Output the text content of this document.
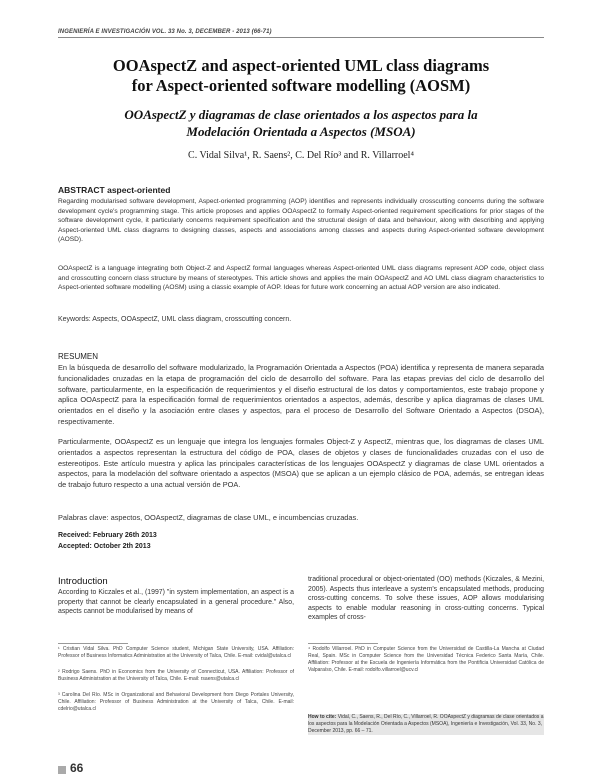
INGENIERÍA E INVESTIGACIÓN VOL. 33 No. 3, DECEMBER - 2013 (66-71)
OOAspectZ and aspect-oriented UML class diagrams
for Aspect-oriented software modelling (AOSM)
OOAspectZ y diagramas de clase orientados a los aspectos para la
Modelación Orientada a Aspectos (MSOA)
C. Vidal Silva¹, R. Saens², C. Del Río³ and R. Villarroel⁴
ABSTRACT aspect-oriented
Regarding modularised software development, Aspect-oriented programming (AOP) identifies and represents individually crosscutting concerns during the software development cycle's programming stage. This article proposes and applies OOAspectZ to formally Aspect-oriented requirement specifications for prior stages of the software development cycle, it particularly concerns requirement specification and the structural design of data and behaviour, along with describing and applying Aspect-oriented UML class diagrams to designing classes, aspects and associations among classes and aspects during Aspect-oriented software development (AOSD).
OOAspectZ is a language integrating both Object-Z and AspectZ formal languages whereas Aspect-oriented UML class diagrams represent AOP code, object class and crosscutting concern class structure by means of stereotypes. This article shows and applies the main OOAspectZ and AO UML class diagram characteristics to Aspect-oriented software modelling (AOSM) using a classic example of AOP. Ideas for future work concerning an actual AOP version are also indicated.
Keywords: Aspects, OOAspectZ, UML class diagram, crosscutting concern.
RESUMEN
En la búsqueda de desarrollo del software modularizado, la Programación Orientada a Aspectos (POA) identifica y representa de manera separada funcionalidades cruzadas en la etapa de programación del ciclo de desarrollo del software. Para las etapas previas del ciclo de desarrollo del software, particularmente, en la especificación de requerimientos y el diseño estructural de los datos y comportamientos, este trabajo propone y aplica OOAspectZ para la especificación formal de requerimientos orientados a aspectos, además, describe y aplica diagramas de clases UML orientados en el diseño y la asociación entre clases y aspectos, para el proceso de Desarrollo del Software Orientado a Aspectos (DSOA), respectivamente.
Particularmente, OOAspectZ es un lenguaje que integra los lenguajes formales Object-Z y AspectZ, mientras que, los diagramas de clases UML orientados a aspectos representan la estructura del código de POA, clases de objetos y clases de funcionalidades cruzadas con el uso de estereotipos. Este artículo muestra y aplica las principales características de los lenguajes OOAspectZ y diagramas de clase UML orientados a aspectos, para la modelación del software orientado a aspectos (MSOA) que se aplican a un ejemplo clásico de POA, además, se entregan ideas de trabajo futuro respecto a una actual versión de POA.
Palabras clave: aspectos, OOAspectZ, diagramas de clase UML, e incumbencias cruzadas.
Received: February 26th 2013
Accepted: October 2th 2013
Introduction
According to Kiczales et al., (1997) "in system implementation, an aspect is a property that cannot be clearly encapsulated in a general procedure." Also, aspects cannot be modularised by means of
traditional procedural or object-orientated (OO) methods (Kiczales, & Mezini, 2005). Aspects thus interleave a system's encapsulated methods, producing cross-cutting concerns. To solve these issues, AOP allows modularising aspects to enable modular reasoning in cross-cutting concerns. Typical examples of cross-
¹ Cristian Vidal Silva. PhD Computer Science student, Michigan State University, USA. Affiliation: Professor of Business Informatics Administration at the University of Talca, Chile. E-mail: cvidal@utalca.cl
² Rodrigo Saens. PhD in Economics from the University of Connecticut, USA. Affiliation: Professor of Business Administration at the University of Talca, Chile. E-mail: rsaens@utalca.cl
³ Carolina Del Río. MSc in Organizational and Behavioral Development from Diego Portales University, Chile. Affiliation: Professor of Business Administration at the University of Talca, Chile. E-mail: cdelrio@utalca.cl
⁴ Rodolfo Villarroel. PhD in Computer Science from the Universidad de Castilla-La Mancha at Ciudad Real, Spain. MSc in Computer Science from the Universidad Técnica Federico Santa María, Chile. Affiliation: Professor at the Escuela de Ingeniería Informática from the Pontificia Universidad Católica de Valparaíso, Chile. E-mail: rodolfo.villarroel@ucv.cl
How to cite: Vidal, C., Saens, R., Del Río, C., Villarroel, R. OOAspectZ y diagramas de clase orientados a los aspectos para la Modelación Orientada a Aspectos (MSOA), Ingeniería e Investigación, Vol. 33, No. 3, December 2013, pp. 66 – 71.
66
